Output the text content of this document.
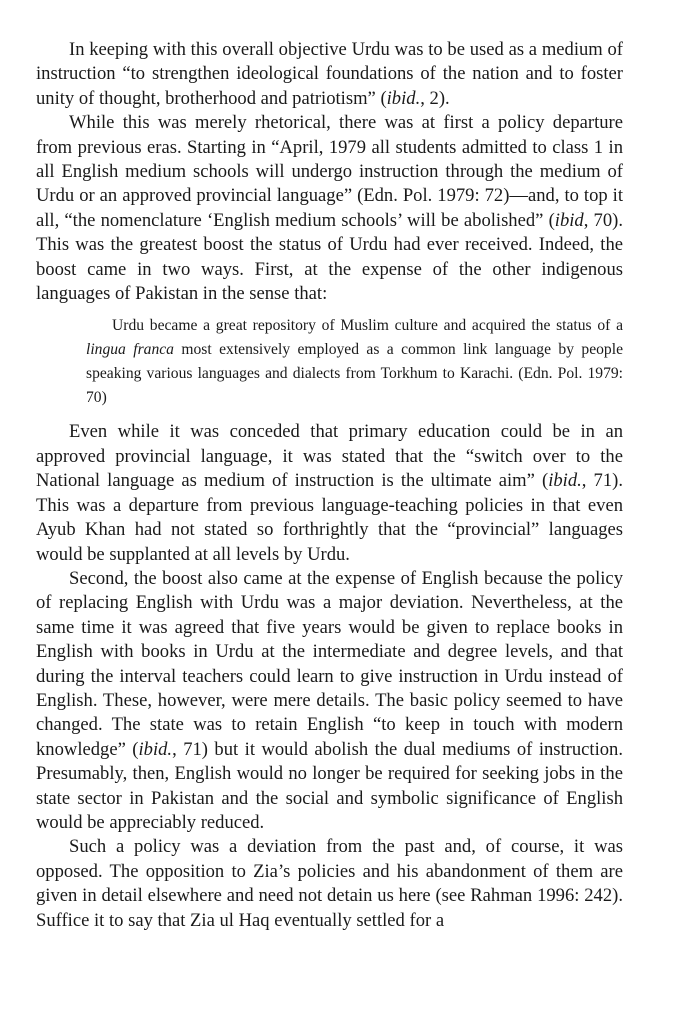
In keeping with this overall objective Urdu was to be used as a medium of instruction “to strengthen ideological foundations of the nation and to foster unity of thought, brotherhood and patriotism” (ibid., 2).

While this was merely rhetorical, there was at first a policy departure from previous eras. Starting in “April, 1979 all students admitted to class 1 in all English medium schools will undergo instruction through the medium of Urdu or an approved provincial language” (Edn. Pol. 1979: 72)—and, to top it all, “the nomenclature ‘English medium schools’ will be abolished” (ibid, 70). This was the greatest boost the status of Urdu had ever received. Indeed, the boost came in two ways. First, at the expense of the other indigenous languages of Pakistan in the sense that:

Urdu became a great repository of Muslim culture and acquired the status of a lingua franca most extensively employed as a common link language by people speaking various languages and dialects from Torkhum to Karachi. (Edn. Pol. 1979: 70)

Even while it was conceded that primary education could be in an approved provincial language, it was stated that the “switch over to the National language as medium of instruction is the ultimate aim” (ibid., 71). This was a departure from previous language-teaching policies in that even Ayub Khan had not stated so forthrightly that the “provincial” languages would be supplanted at all levels by Urdu.

Second, the boost also came at the expense of English because the policy of replacing English with Urdu was a major deviation. Nevertheless, at the same time it was agreed that five years would be given to replace books in English with books in Urdu at the intermediate and degree levels, and that during the interval teachers could learn to give instruction in Urdu instead of English. These, however, were mere details. The basic policy seemed to have changed. The state was to retain English “to keep in touch with modern knowledge” (ibid., 71) but it would abolish the dual mediums of instruction. Presumably, then, English would no longer be required for seeking jobs in the state sector in Pakistan and the social and symbolic significance of English would be appreciably reduced.

Such a policy was a deviation from the past and, of course, it was opposed. The opposition to Zia’s policies and his abandonment of them are given in detail elsewhere and need not detain us here (see Rahman 1996: 242). Suffice it to say that Zia ul Haq eventually settled for a
